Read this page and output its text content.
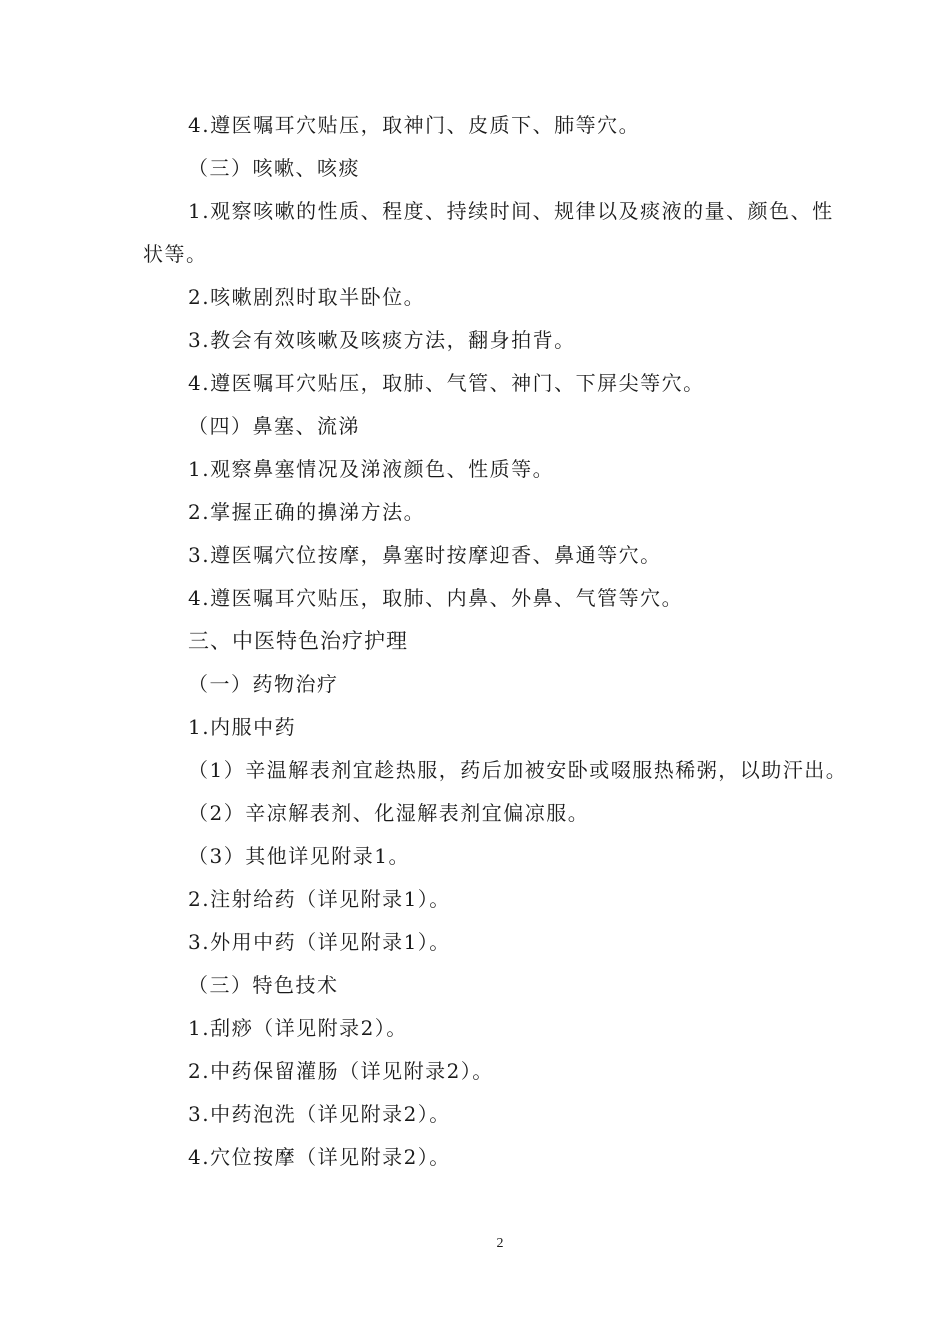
4.遵医嘱耳穴贴压，取神门、皮质下、肺等穴。
（三）咳嗽、咳痰
1.观察咳嗽的性质、程度、持续时间、规律以及痰液的量、颜色、性
状等。
2.咳嗽剧烈时取半卧位。
3.教会有效咳嗽及咳痰方法，翻身拍背。
4.遵医嘱耳穴贴压，取肺、气管、神门、下屏尖等穴。
（四）鼻塞、流涕
1.观察鼻塞情况及涕液颜色、性质等。
2.掌握正确的擤涕方法。
3.遵医嘱穴位按摩，鼻塞时按摩迎香、鼻通等穴。
4.遵医嘱耳穴贴压，取肺、内鼻、外鼻、气管等穴。
三、中医特色治疗护理
（一）药物治疗
1.内服中药
（1）辛温解表剂宜趁热服，药后加被安卧或啜服热稀粥，以助汗出。
（2）辛凉解表剂、化湿解表剂宜偏凉服。
（3）其他详见附录1。
2.注射给药（详见附录1）。
3.外用中药（详见附录1）。
（三）特色技术
1.刮痧（详见附录2）。
2.中药保留灌肠（详见附录2）。
3.中药泡洗（详见附录2）。
4.穴位按摩（详见附录2）。
2
